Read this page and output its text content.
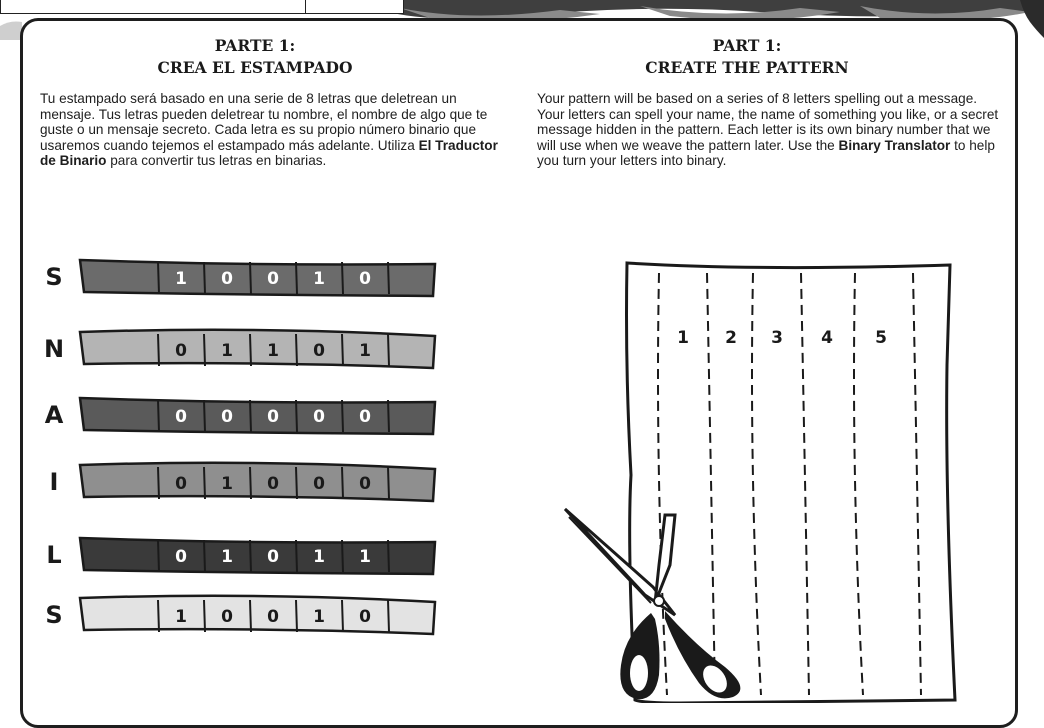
PARTE 1:
CREA EL ESTAMPADO

Tu estampado será basado en una serie de 8 letras que deletrean un mensaje. Tus letras pueden deletrear tu nombre, el nombre de algo que te guste o un mensaje secreto. Cada letra es su propio número binario que usaremos cuando tejemos el estampado más adelante. Utiliza El Traductor de Binario para convertir tus letras en binarias.

PART 1:
CREATE THE PATTERN

Your pattern will be based on a series of 8 letters spelling out a message. Your letters can spell your name, the name of something you like, or a secret message hidden in the pattern. Each letter is its own binary number that we will use when we weave the pattern later. Use the Binary Translator to help you turn your letters into binary.

1 0 0 1 0
S
0 1 1 0 1
N
0 0 0 0 0
A
0 1 0 0 0
I
0 1 0 1 1
L
1 0 0 1 0
S
1 2 3 4 5
